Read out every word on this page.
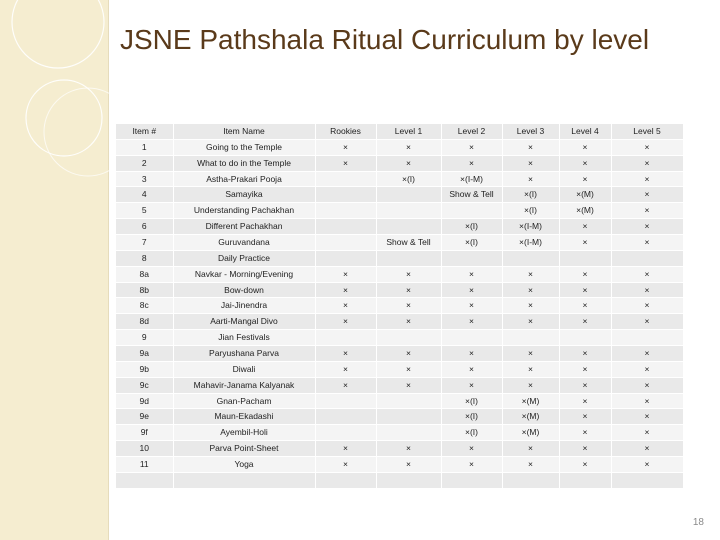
JSNE Pathshala Ritual Curriculum by level
Item #	Item Name	Rookies	Level 1	Level 2	Level 3	Level 4	Level 5
1	Going to the Temple	×	×	×	×	×	×
2	What to do in the Temple	×	×	×	×	×	×
3	Astha-Prakari Pooja		×(I)	×(I-M)	×	×	×
4	Samayika			Show & Tell	×(I)	×(M)	×
5	Understanding Pachakhan				×(I)	×(M)	×
6	Different Pachakhan			×(I)	×(I-M)	×	×
7	Guruvandana		Show & Tell	×(I)	×(I-M)	×	×
8	Daily Practice						
8a	Navkar - Morning/Evening	×	×	×	×	×	×
8b	Bow-down	×	×	×	×	×	×
8c	Jai-Jinendra	×	×	×	×	×	×
8d	Aarti-Mangal Divo	×	×	×	×	×	×
9	Jian Festivals						
9a	Paryushana Parva	×	×	×	×	×	×
9b	Diwali	×	×	×	×	×	×
9c	Mahavir-Janama Kalyanak	×	×	×	×	×	×
9d	Gnan-Pacham			×(I)	×(M)	×	×
9e	Maun-Ekadashi			×(I)	×(M)	×	×
9f	Ayembil-Holi			×(I)	×(M)	×	×
10	Parva Point-Sheet	×	×	×	×	×	×
11	Yoga	×	×	×	×	×	×

18
